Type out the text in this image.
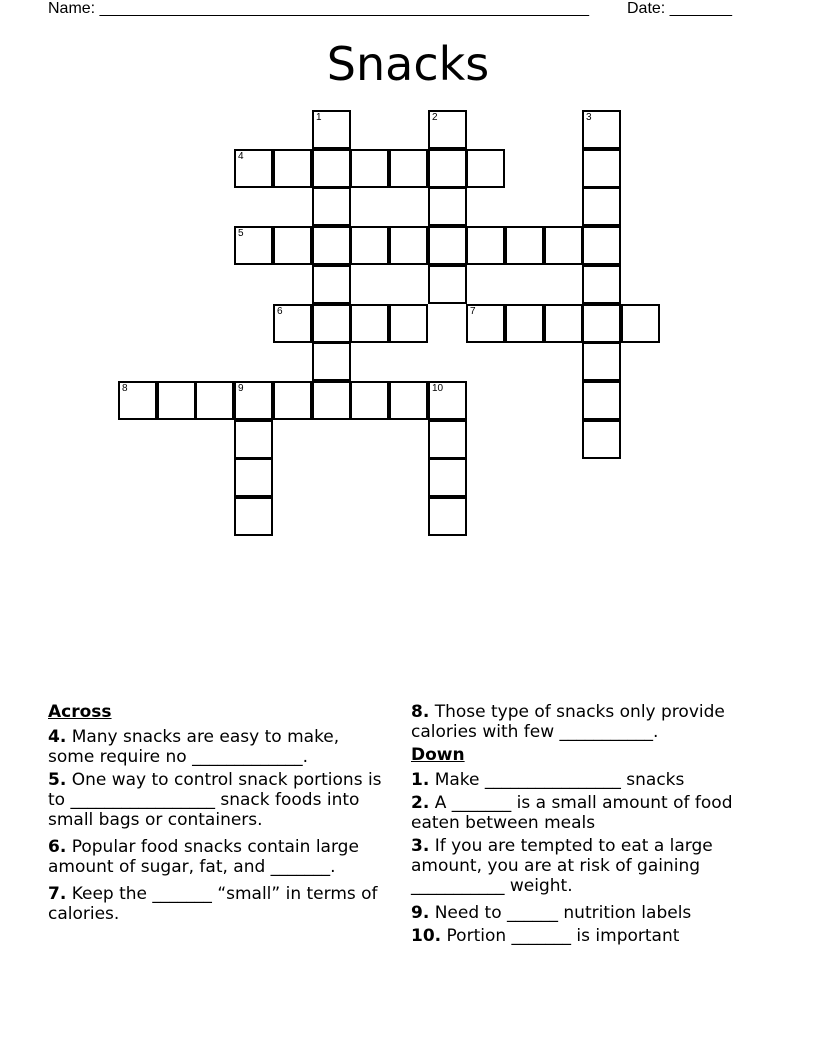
Name: _______________________________________________________ Date: _______
Snacks
1	2	3
4
5
6	7
8	9	10
Across
4. Many snacks are easy to make, some require no _____________.
5. One way to control snack portions is to _________________ snack foods into small bags or containers.
6. Popular food snacks contain large amount of sugar, fat, and _______.
7. Keep the _______ “small” in terms of calories.
8. Those type of snacks only provide calories with few ___________.
Down
1. Make ________________ snacks
2. A _______ is a small amount of food eaten between meals
3. If you are tempted to eat a large amount, you are at risk of gaining ___________ weight.
9. Need to ______ nutrition labels
10. Portion _______ is important
